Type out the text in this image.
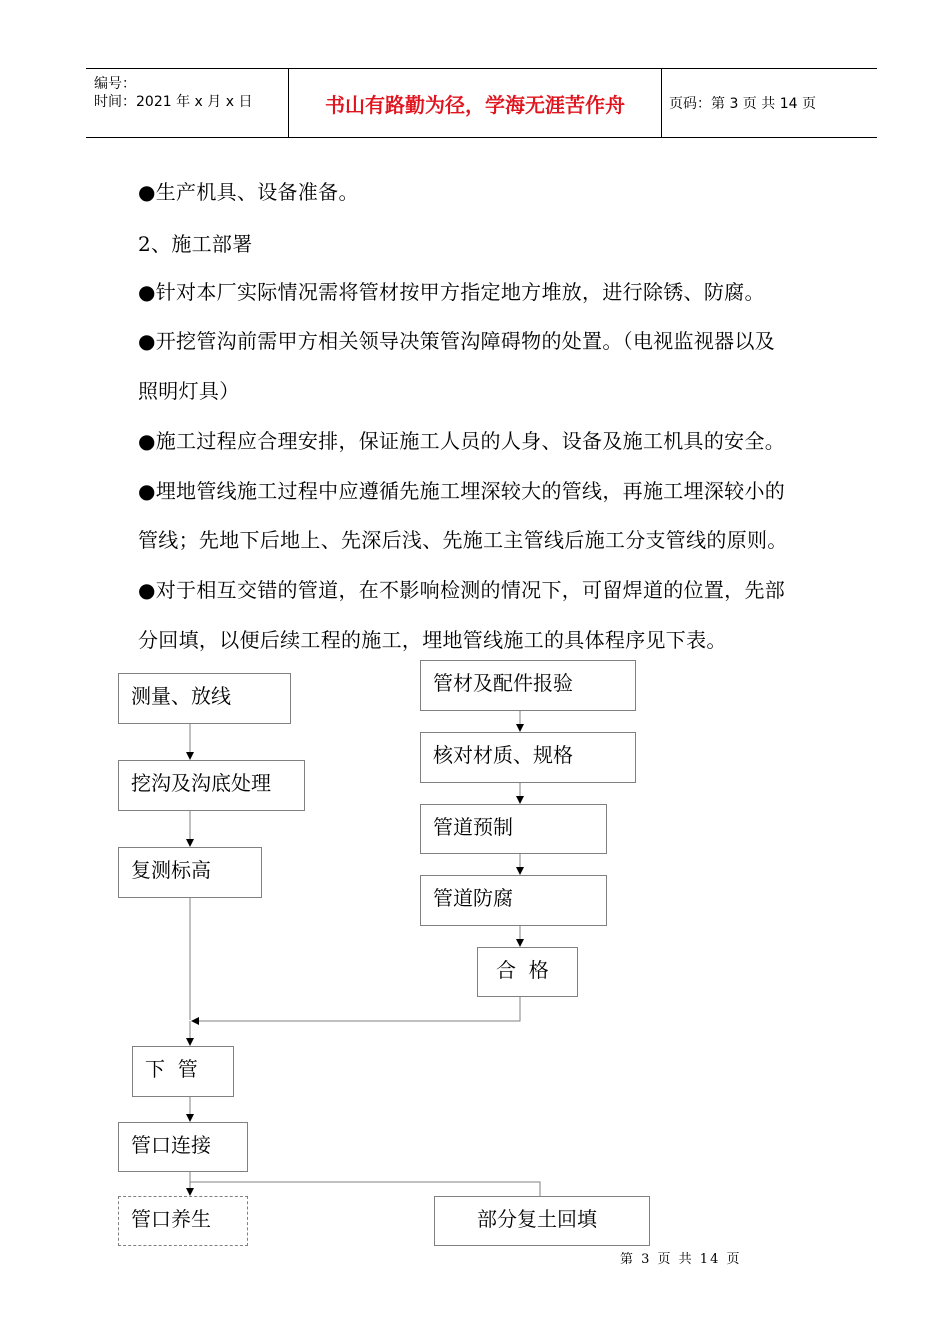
编号：
时间：2021 年 x 月 x 日	书山有路勤为径，学海无涯苦作舟	页码：第 3 页 共 14 页
●生产机具、设备准备。
2、施工部署
●针对本厂实际情况需将管材按甲方指定地方堆放，进行除锈、防腐。
●开挖管沟前需甲方相关领导决策管沟障碍物的处置。（电视监视器以及
照明灯具）
●施工过程应合理安排，保证施工人员的人身、设备及施工机具的安全。
●埋地管线施工过程中应遵循先施工埋深较大的管线，再施工埋深较小的
管线；先地下后地上、先深后浅、先施工主管线后施工分支管线的原则。
●对于相互交错的管道，在不影响检测的情况下，可留焊道的位置，先部
分回填，以便后续工程的施工，埋地管线施工的具体程序见下表。
测量、放线
挖沟及沟底处理
复测标高
管材及配件报验
核对材质、规格
管道预制
管道防腐
合  格
下  管
管口连接
管口养生	部分复土回填
第 3 页 共 14 页
